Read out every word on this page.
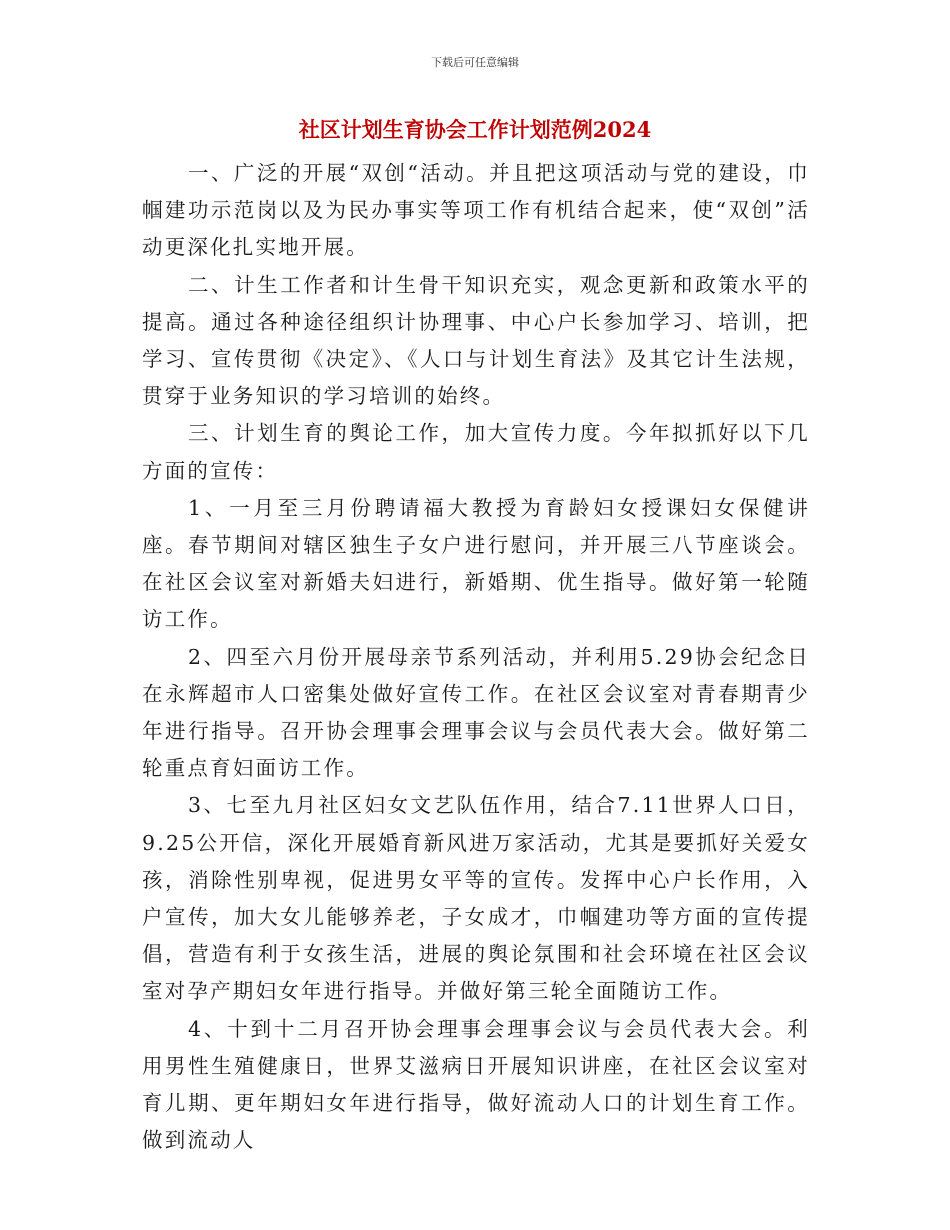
下载后可任意编辑
社区计划生育协会工作计划范例2024

一、广泛的开展“双创“活动。并且把这项活动与党的建设，巾帼建功示范岗以及为民办事实等项工作有机结合起来，使“双创”活动更深化扎实地开展。

二、计生工作者和计生骨干知识充实，观念更新和政策水平的提高。通过各种途径组织计协理事、中心户长参加学习、培训，把学习、宣传贯彻《决定》、《人口与计划生育法》及其它计生法规，贯穿于业务知识的学习培训的始终。

三、计划生育的舆论工作，加大宣传力度。今年拟抓好以下几方面的宣传：

1、一月至三月份聘请福大教授为育龄妇女授课妇女保健讲座。春节期间对辖区独生子女户进行慰问，并开展三八节座谈会。在社区会议室对新婚夫妇进行，新婚期、优生指导。做好第一轮随访工作。

2、四至六月份开展母亲节系列活动，并利用5.29协会纪念日在永辉超市人口密集处做好宣传工作。在社区会议室对青春期青少年进行指导。召开协会理事会理事会议与会员代表大会。做好第二轮重点育妇面访工作。

3、七至九月社区妇女文艺队伍作用，结合7.11世界人口日，9.25公开信，深化开展婚育新风进万家活动，尤其是要抓好关爱女孩，消除性别卑视，促进男女平等的宣传。发挥中心户长作用，入户宣传，加大女儿能够养老，子女成才，巾帼建功等方面的宣传提倡，营造有利于女孩生活，进展的舆论氛围和社会环境在社区会议室对孕产期妇女年进行指导。并做好第三轮全面随访工作。

4、十到十二月召开协会理事会理事会议与会员代表大会。利用男性生殖健康日，世界艾滋病日开展知识讲座，在社区会议室对育儿期、更年期妇女年进行指导，做好流动人口的计划生育工作。做到流动人
